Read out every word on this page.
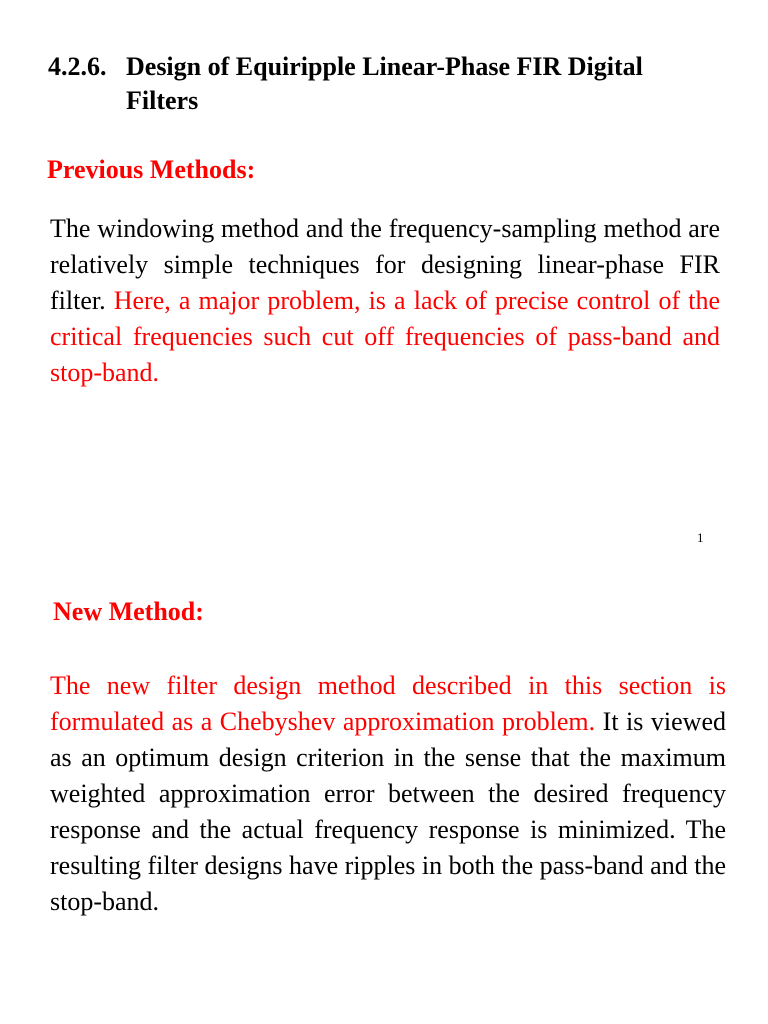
4.2.6. Design of Equiripple Linear-Phase FIR Digital
Filters
Previous Methods:

The windowing method and the frequency-sampling method are relatively simple techniques for designing linear-phase FIR filter. Here, a major problem, is a lack of precise control of the critical frequencies such cut off frequencies of pass-band and stop-band.

1

New Method:

The new filter design method described in this section is formulated as a Chebyshev approximation problem. It is viewed as an optimum design criterion in the sense that the maximum weighted approximation error between the desired frequency response and the actual frequency response is minimized. The resulting filter designs have ripples in both the pass-band and the stop-band.
